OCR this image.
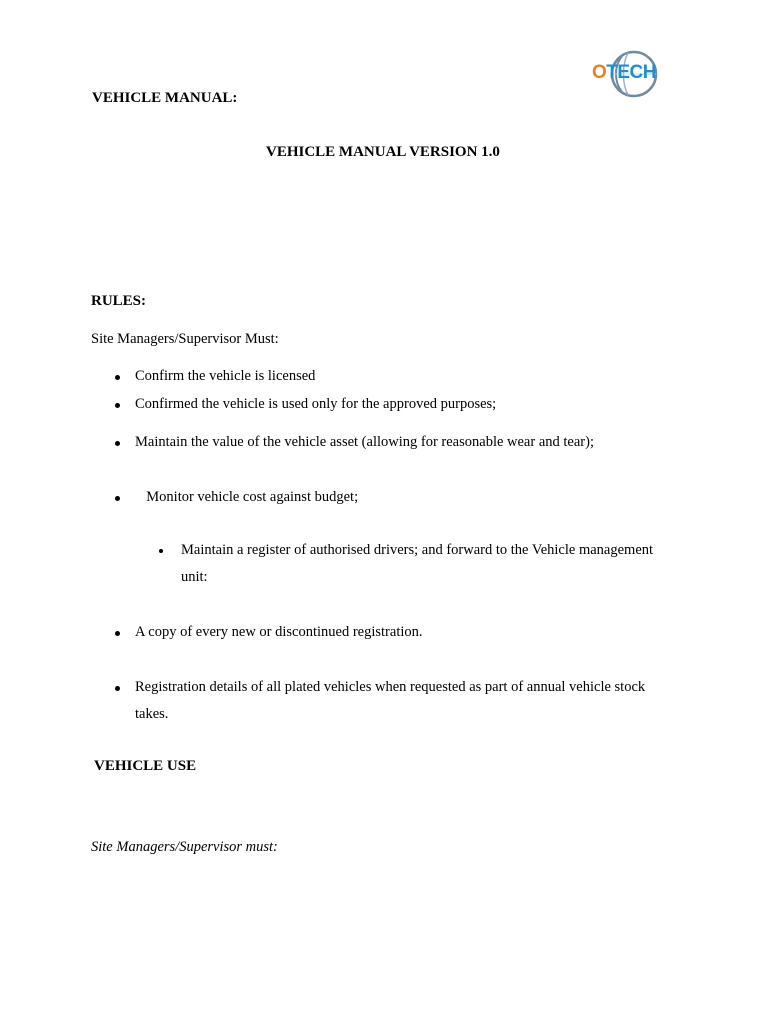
OTECH
VEHICLE MANUAL:
VEHICLE MANUAL VERSION 1.0
RULES:
Site Managers/Supervisor Must:
Confirm the vehicle is licensed
Confirmed the vehicle is used only for the approved purposes;
Maintain the value of the vehicle asset (allowing for reasonable wear and tear);
Monitor vehicle cost against budget;
Maintain a register of authorised drivers; and forward to the Vehicle management
unit:
A copy of every new or discontinued registration.
Registration details of all plated vehicles when requested as part of annual vehicle stock
takes.
VEHICLE USE
Site Managers/Supervisor must:
